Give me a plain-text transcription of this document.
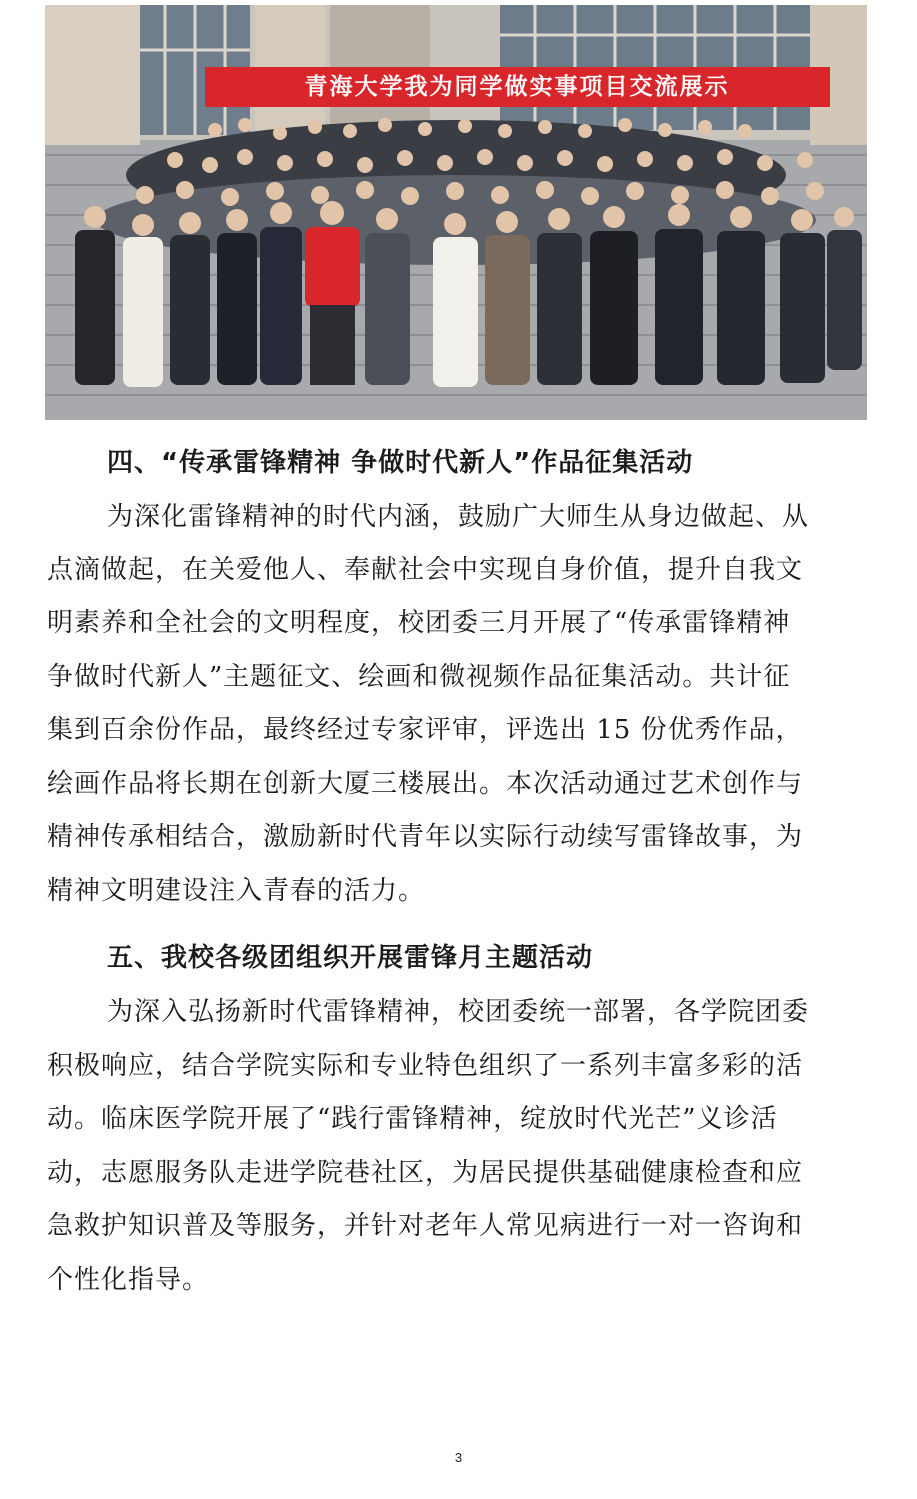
青海大学我为同学做实事项目交流展示
四、“传承雷锋精神 争做时代新人”作品征集活动

为深化雷锋精神的时代内涵，鼓励广大师生从身边做起、从

点滴做起，在关爱他人、奉献社会中实现自身价值，提升自我文

明素养和全社会的文明程度，校团委三月开展了“传承雷锋精神

争做时代新人”主题征文、绘画和微视频作品征集活动。共计征

集到百余份作品，最终经过专家评审，评选出 15 份优秀作品，

绘画作品将长期在创新大厦三楼展出。本次活动通过艺术创作与

精神传承相结合，激励新时代青年以实际行动续写雷锋故事，为

精神文明建设注入青春的活力。

五、我校各级团组织开展雷锋月主题活动

为深入弘扬新时代雷锋精神，校团委统一部署，各学院团委

积极响应，结合学院实际和专业特色组织了一系列丰富多彩的活

动。临床医学院开展了“践行雷锋精神，绽放时代光芒”义诊活

动，志愿服务队走进学院巷社区，为居民提供基础健康检查和应

急救护知识普及等服务，并针对老年人常见病进行一对一咨询和

个性化指导。

3
